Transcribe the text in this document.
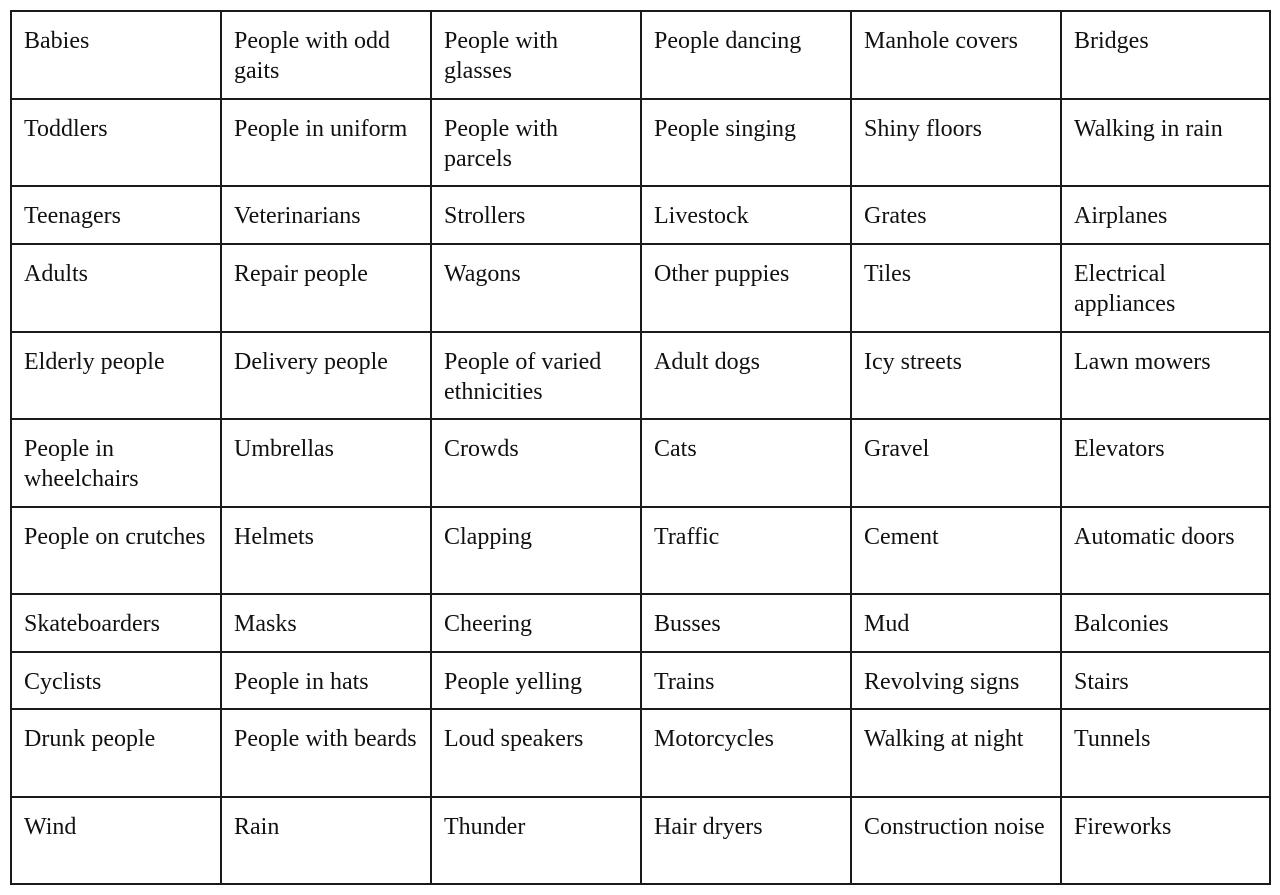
Babies	People with odd gaits	People with glasses	People dancing	Manhole covers	Bridges
Toddlers	People in uniform	People with parcels	People singing	Shiny floors	Walking in rain
Teenagers	Veterinarians	Strollers	Livestock	Grates	Airplanes
Adults	Repair people	Wagons	Other puppies	Tiles	Electrical appliances
Elderly people	Delivery people	People of varied ethnicities	Adult dogs	Icy streets	Lawn mowers
People in wheelchairs	Umbrellas	Crowds	Cats	Gravel	Elevators
People on crutches	Helmets	Clapping	Traffic	Cement	Automatic doors
Skateboarders	Masks	Cheering	Busses	Mud	Balconies
Cyclists	People in hats	People yelling	Trains	Revolving signs	Stairs
Drunk people	People with beards	Loud speakers	Motorcycles	Walking at night	Tunnels
Wind	Rain	Thunder	Hair dryers	Construction noise	Fireworks
